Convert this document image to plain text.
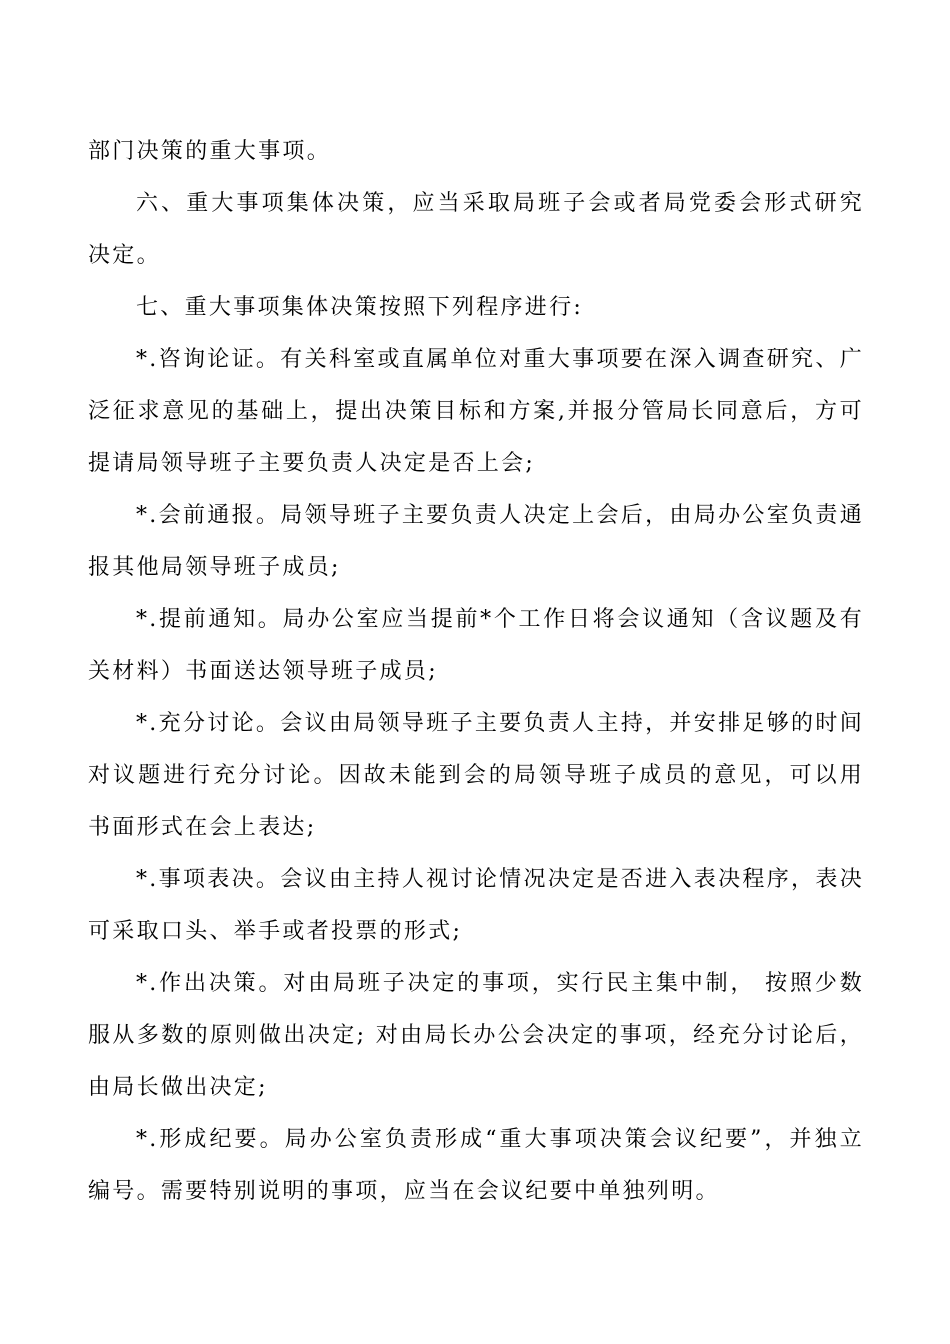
部门决策的重大事项。

六、重大事项集体决策，应当采取局班子会或者局党委会形式研究决定。

七、重大事项集体决策按照下列程序进行:

*.咨询论证。有关科室或直属单位对重大事项要在深入调查研究、广泛征求意见的基础上，提出决策目标和方案,并报分管局长同意后，方可提请局领导班子主要负责人决定是否上会;

*.会前通报。局领导班子主要负责人决定上会后，由局办公室负责通报其他局领导班子成员;

*.提前通知。局办公室应当提前*个工作日将会议通知（含议题及有关材料）书面送达领导班子成员;

*.充分讨论。会议由局领导班子主要负责人主持，并安排足够的时间对议题进行充分讨论。因故未能到会的局领导班子成员的意见，可以用书面形式在会上表达;

*.事项表决。会议由主持人视讨论情况决定是否进入表决程序，表决可采取口头、举手或者投票的形式;

*.作出决策。对由局班子决定的事项，实行民主集中制， 按照少数服从多数的原则做出决定; 对由局长办公会决定的事项，经充分讨论后，由局长做出决定;

*.形成纪要。局办公室负责形成“重大事项决策会议纪要”，并独立编号。需要特别说明的事项，应当在会议纪要中单独列明。
